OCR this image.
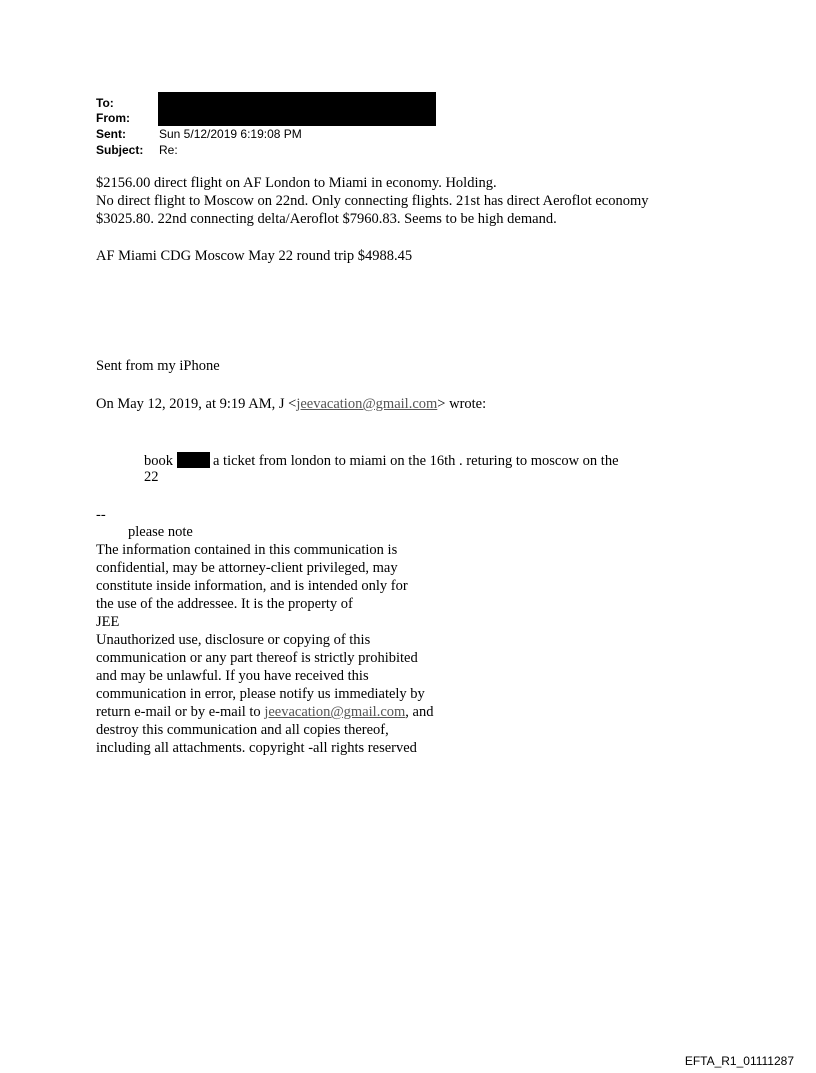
To:
From:
Sent:	Sun 5/12/2019 6:19:08 PM
Subject: Re:
$2156.00 direct flight on AF London to Miami in economy. Holding.
No direct flight to Moscow on 22nd. Only connecting flights. 21st has direct Aeroflot economy
$3025.80. 22nd connecting delta/Aeroflot $7960.83. Seems to be high demand.
AF Miami CDG Moscow May 22 round trip $4988.45
Sent from my iPhone
On May 12, 2019, at 9:19 AM, J <jeevacation@gmail.com> wrote:
book	a ticket from london to miami on the 16th . returing to moscow on the
22
--
please note
The information contained in this communication is
confidential, may be attorney-client privileged, may
constitute inside information, and is intended only for
the use of the addressee. It is the property of
JEE
Unauthorized use, disclosure or copying of this
communication or any part thereof is strictly prohibited
and may be unlawful. If you have received this
communication in error, please notify us immediately by
return e-mail or by e-mail to jeevacation@gmail.com, and
destroy this communication and all copies thereof,
including all attachments. copyright -all rights reserved
EFTA_R1_01111287
